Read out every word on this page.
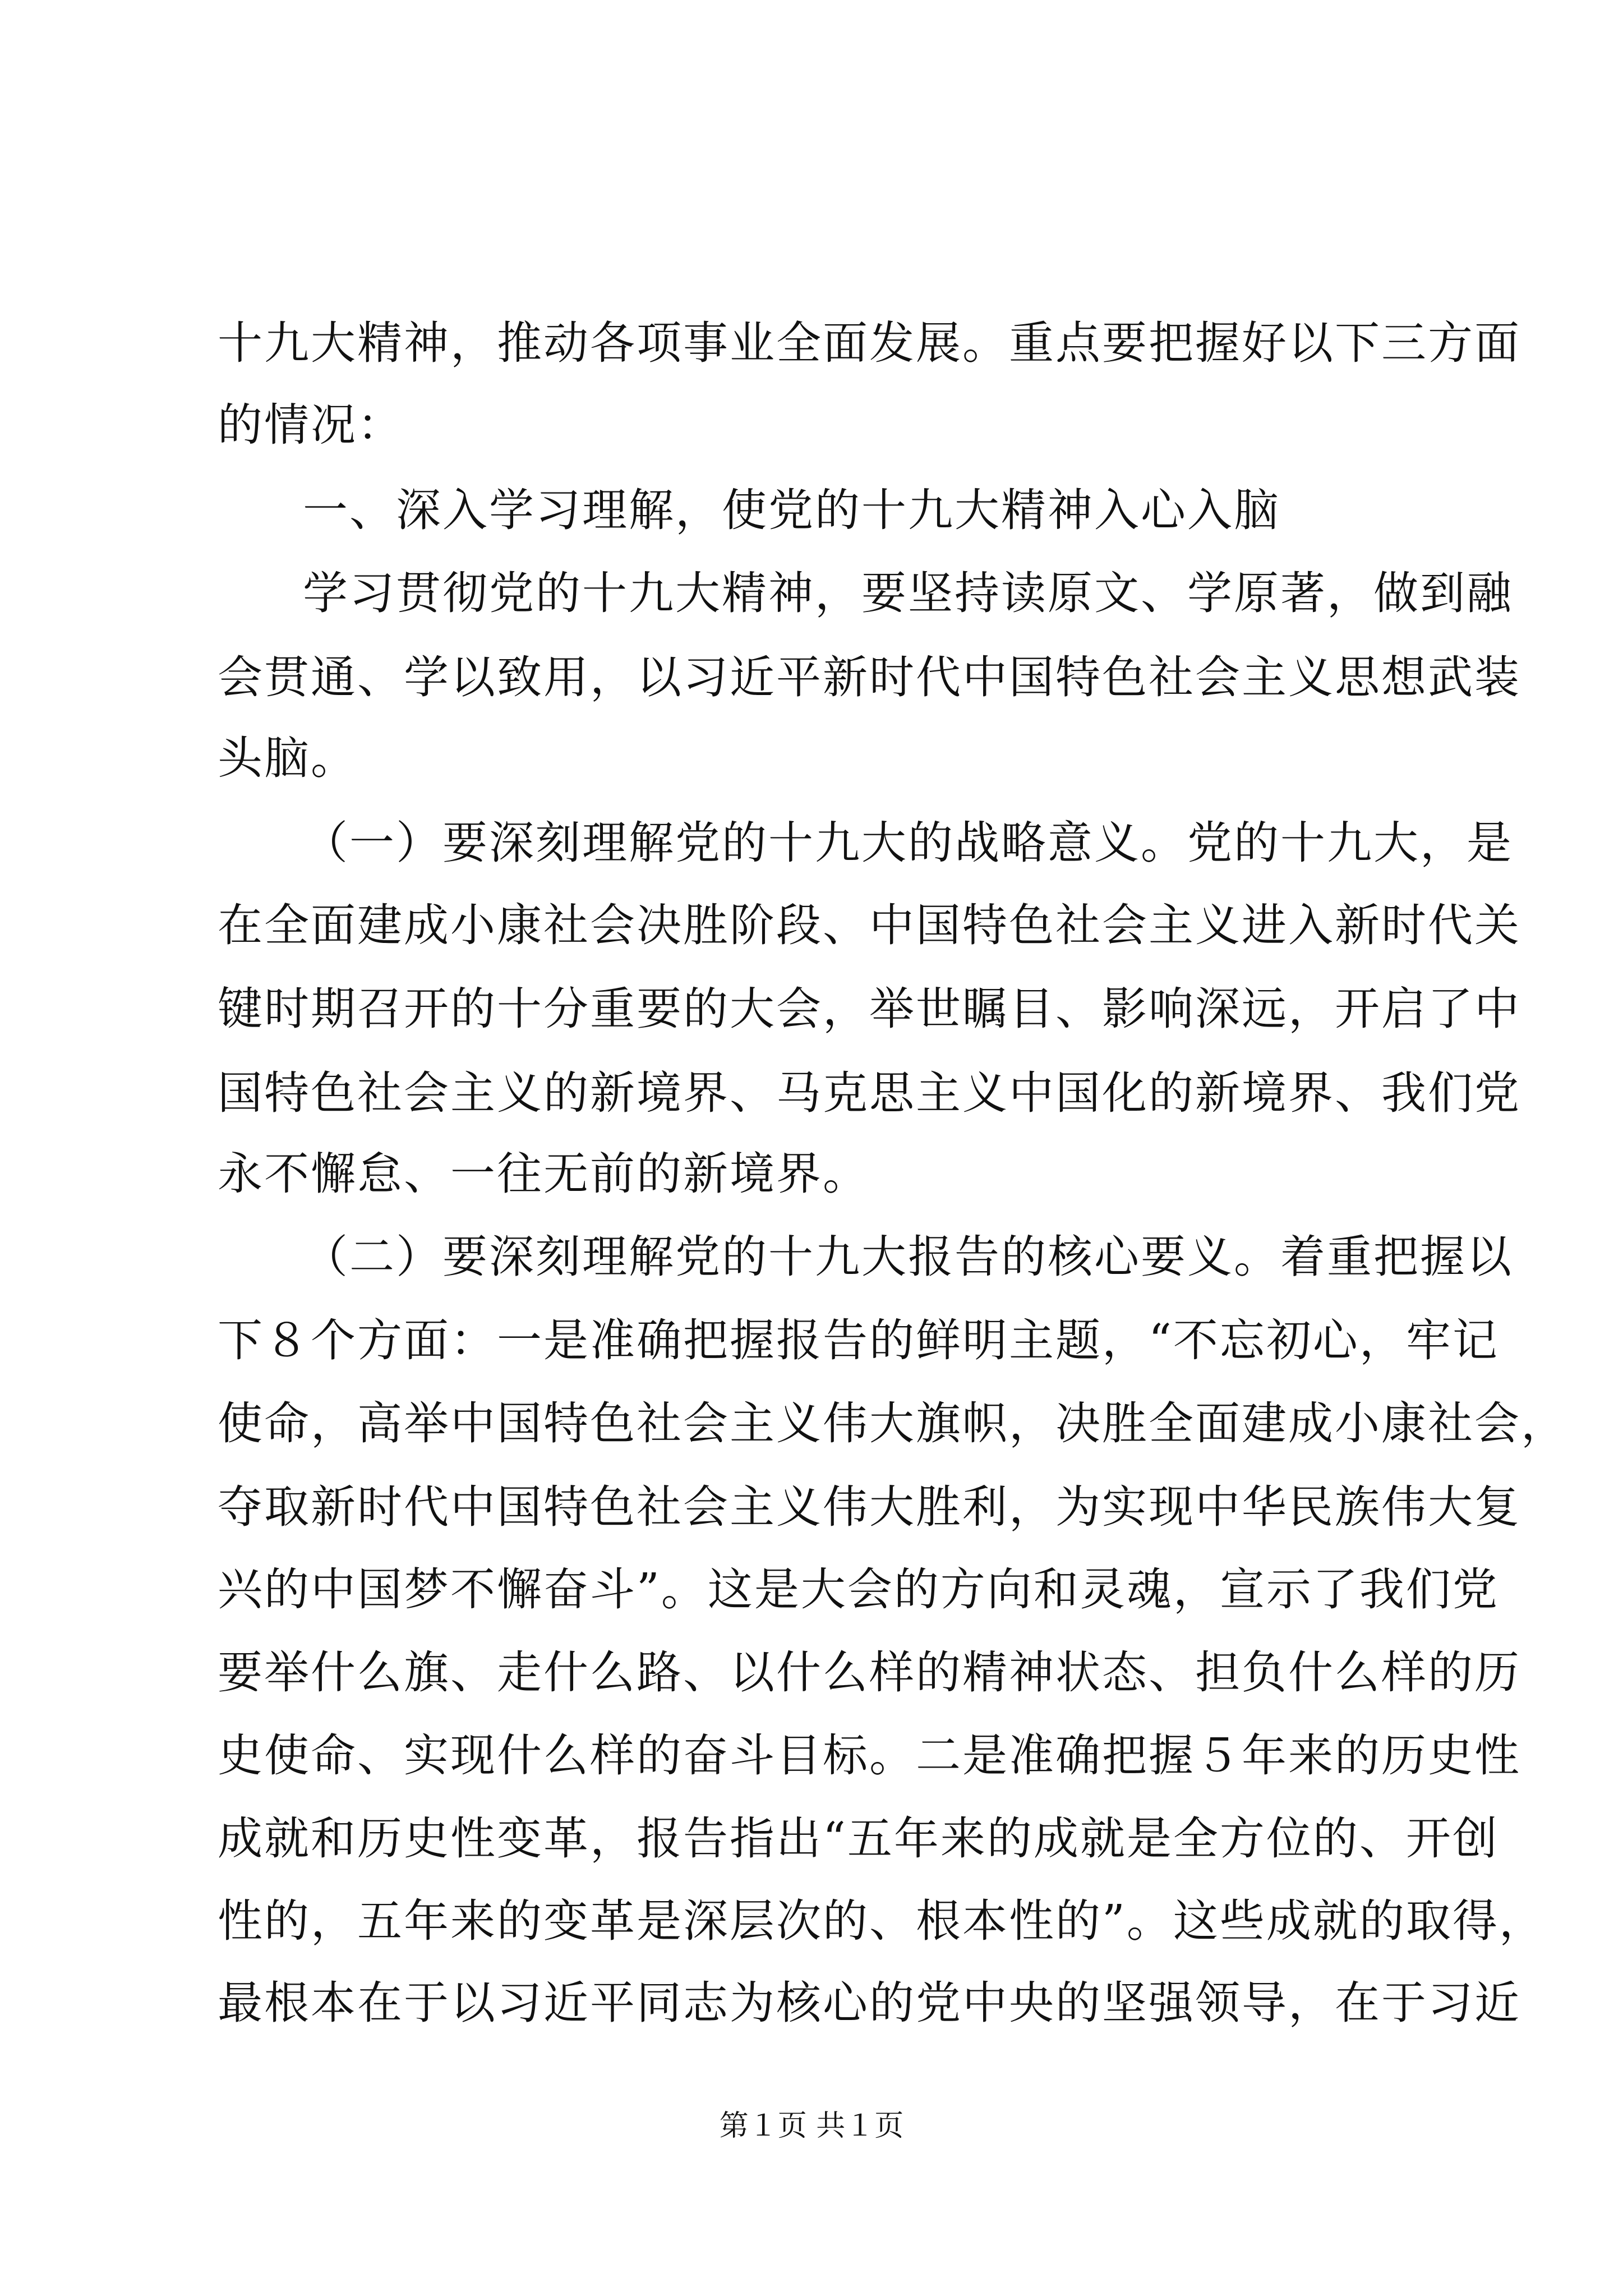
十九大精神，推动各项事业全面发展。重点要把握好以下三方面
的情况：
一、深入学习理解，使党的十九大精神入心入脑
学习贯彻党的十九大精神，要坚持读原文、学原著，做到融
会贯通、学以致用，以习近平新时代中国特色社会主义思想武装
头脑。
（一）要深刻理解党的十九大的战略意义。党的十九大，是
在全面建成小康社会决胜阶段、中国特色社会主义进入新时代关
键时期召开的十分重要的大会，举世瞩目、影响深远，开启了中
国特色社会主义的新境界、马克思主义中国化的新境界、我们党
永不懈怠、一往无前的新境界。
（二）要深刻理解党的十九大报告的核心要义。着重把握以
下８个方面：一是准确把握报告的鲜明主题，“不忘初心，牢记
使命，高举中国特色社会主义伟大旗帜，决胜全面建成小康社会，
夺取新时代中国特色社会主义伟大胜利，为实现中华民族伟大复
兴的中国梦不懈奋斗”。这是大会的方向和灵魂，宣示了我们党
要举什么旗、走什么路、以什么样的精神状态、担负什么样的历
史使命、实现什么样的奋斗目标。二是准确把握５年来的历史性
成就和历史性变革，报告指出“五年来的成就是全方位的、开创
性的，五年来的变革是深层次的、根本性的”。这些成就的取得，
最根本在于以习近平同志为核心的党中央的坚强领导，在于习近
第１页 共１页
